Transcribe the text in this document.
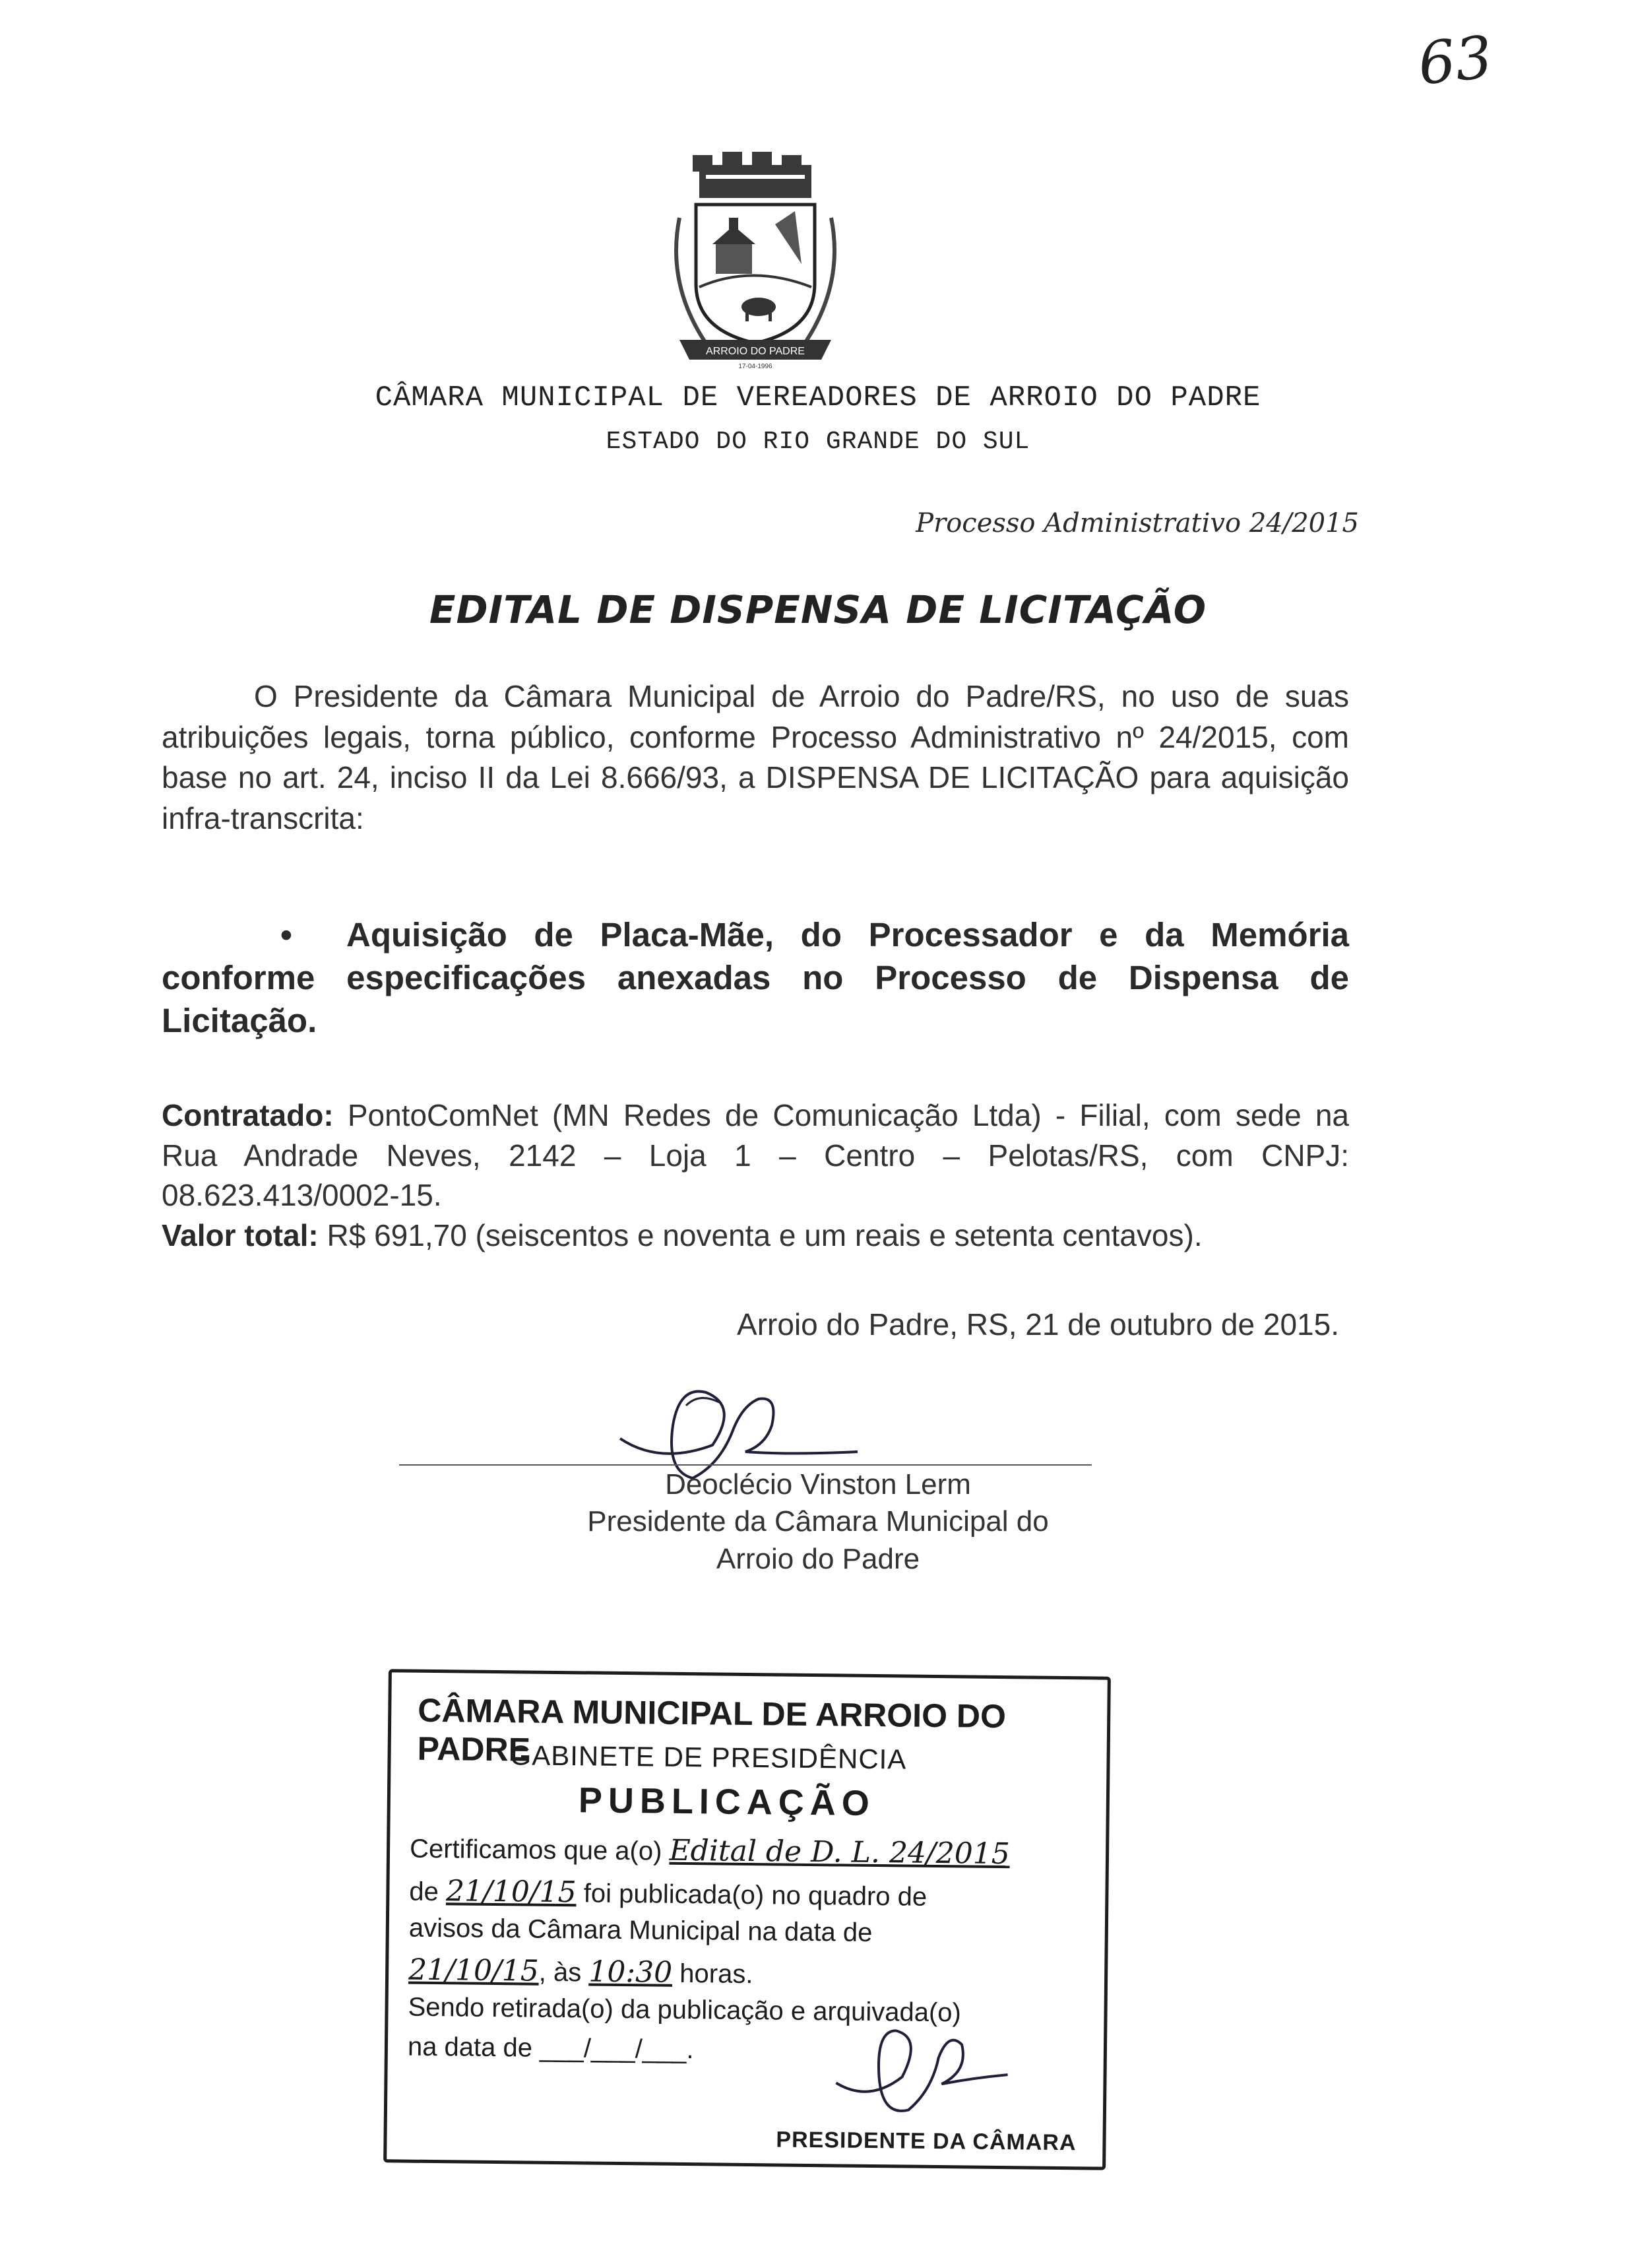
63
ARROIO DO PADRE
17-04-1996
CÂMARA MUNICIPAL DE VEREADORES DE ARROIO DO PADRE
ESTADO DO RIO GRANDE DO SUL
Processo Administrativo 24/2015
EDITAL DE DISPENSA DE LICITAÇÃO
O Presidente da Câmara Municipal de Arroio do Padre/RS, no uso de suas atribuições legais, torna público, conforme Processo Administrativo nº 24/2015, com base no art. 24, inciso II da Lei 8.666/93, a DISPENSA DE LICITAÇÃO para aquisição infra-transcrita:
• Aquisição de Placa-Mãe, do Processador e da Memória conforme especificações anexadas no Processo de Dispensa de Licitação.
Contratado: PontoComNet (MN Redes de Comunicação Ltda) - Filial, com sede na Rua Andrade Neves, 2142 – Loja 1 – Centro – Pelotas/RS, com CNPJ: 08.623.413/0002-15.
Valor total: R$ 691,70 (seiscentos e noventa e um reais e setenta centavos).
Arroio do Padre, RS, 21 de outubro de 2015.
Deoclécio Vinston Lerm
Presidente da Câmara Municipal do
Arroio do Padre
CÂMARA MUNICIPAL DE ARROIO DO PADRE
GABINETE DE PRESIDÊNCIA
PUBLICAÇÃO
Certificamos que a(o) Edital de D. L. 24/2015
de 21/10/15 foi publicada(o) no quadro de
avisos da Câmara Municipal na data de
21/10/15, às 10:30 horas.
Sendo retirada(o) da publicação e arquivada(o)
na data de ___/___/___.
PRESIDENTE DA CÂMARA
